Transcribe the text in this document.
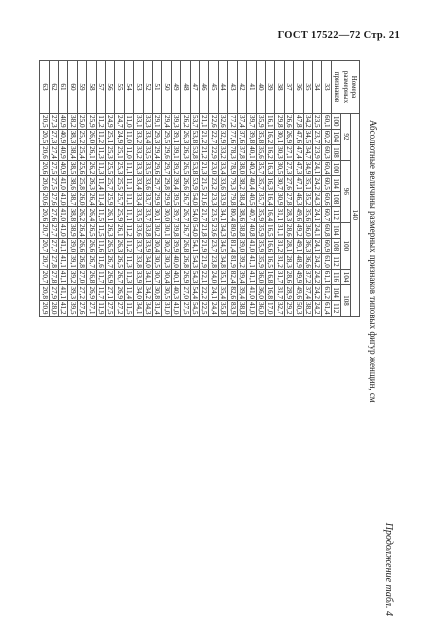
ГОСТ 17522—72 Стр. 21
Продолжение табл. 4
Абсолютные величины размерных признаков типовых фигур женщин, см
Номера размерных признаков	140												
	92			96				100			104	108	
	100	104	108	100	104	108	112	104	108	112	116	104	112
33	60,1	60,2	60,3	60,4	60,5	60,6	60,7	60,8	60,9	61,0	61,1	61,2	61,4
34	23,5	23,7	23,9	24,1	24,2	24,3	24,1	24,1	24,1	24,2	24,2	24,2	24,2
35	34,2	34,5	34,7	34,9	35,1	35,2	35,6	36,0	36,3	36,6	37,2	37,4	38,2
36	47,8	47,6	47,4	47,3	47,1	46,3	49,6	49,2	49,1	48,9	49,9	49,6	50,3
37	26,6	26,9	27,1	27,3	27,6	27,8	28,3	28,6	28,1	28,3	28,6	28,9	29,2
38	29,8	30,1	30,3	30,5	30,7	30,9	31,1	31,1	31,2	31,2	31,7	31,7	32,7
39	16,1	16,2	16,2	16,3	16,3	16,4	16,4	16,5	16,6	16,5	16,8	16,8	17,0
40	35,9	35,8	35,6	35,7	35,7	35,7	35,9	35,9	35,9	35,9	36,0	36,0	36,0
41	39,7	39,8	40,1	40,2	40,4	40,5	40,7	40,8	41,0	41,1	41,1	41,0	41,0
42	37,4	37,6	37,8	38,0	38,2	38,4	38,6	38,8	39,0	39,2	39,4	39,4	38,8
43	77,2	77,6	78,3	78,9	79,3	79,8	80,4	80,9	81,4	81,9	82,4	82,6	83,9
44	32,6	32,9	33,2	33,4	33,6	33,9	34,1	34,3	34,5	34,8	35,1	35,4	35,8
45	22,6	22,7	22,9	23,0	23,2	23,3	23,5	23,6	23,7	23,8	24,0	24,1	24,4
46	21,1	21,2	21,2	21,3	21,5	21,6	21,7	21,8	21,9	21,9	22,1	22,2	22,5
47	53,7	53,8	53,8	53,8	53,9	54,0	54,0	54,0	54,1	54,3	54,3	54,4	54,5
48	26,2	26,3	26,3	26,5	26,6	26,7	26,7	26,7	26,8	26,8	26,9	27,0	27,5
49	39,3	39,1	39,1	39,2	39,4	39,5	39,7	39,8	39,9	40,0	40,1	40,3	41,0
50	29,4	29,5	29,6	29,7	29,8	29,9	30,0	30,1	30,2	30,3	30,4	30,5	31,0
51	29,1	29,3	29,4	29,6	29,7	29,9	30,1	30,2	30,4	30,5	30,7	30,8	31,4
52	33,3	33,4	33,5	33,5	33,6	33,7	33,7	33,8	33,9	34,0	34,1	34,2	34,3
53	33,1	33,2	33,2	33,3	33,4	33,4	33,5	33,6	33,7	33,8	33,9	34,0	34,1
54	11,0	11,0	11,0	11,1	11,1	11,1	11,1	11,2	11,2	11,3	11,3	11,4	11,5
55	24,7	24,9	25,1	25,3	25,5	25,7	25,9	26,1	26,3	26,5	26,7	26,9	27,2
56	24,9	25,1	25,3	25,5	25,7	25,9	26,1	26,3	26,5	26,7	26,9	27,1	27,5
57	11,2	11,2	11,3	11,3	11,4	11,4	11,5	11,5	11,6	11,6	11,7	11,7	11,9
58	25,9	26,0	26,1	26,2	26,3	26,4	26,4	26,5	26,6	26,7	26,8	26,9	27,1
59	25,0	25,2	25,4	25,6	25,8	26,0	26,2	26,4	26,6	26,8	27,0	27,2	27,6
60	38,2	38,3	38,4	38,5	38,6	38,7	38,8	38,9	39,0	39,1	39,2	39,3	39,5
61	40,9	40,9	40,9	40,9	41,0	41,0	41,0	41,0	41,1	41,1	41,1	41,1	41,2
62	27,3	27,3	27,4	27,5	27,5	27,6	27,6	27,7	27,7	27,8	27,8	27,9	28,0
63	20,5	20,5	20,6	20,6	20,6	20,6	20,6	20,7	20,7	20,7	20,7	20,8	20,9
